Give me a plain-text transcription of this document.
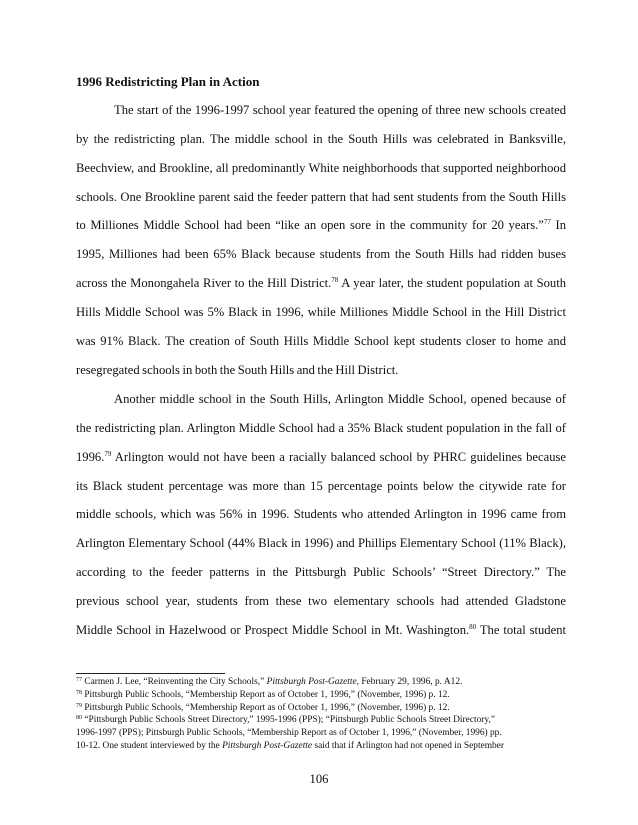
1996 Redistricting Plan in Action
The start of the 1996-1997 school year featured the opening of three new schools created
by the redistricting plan. The middle school in the South Hills was celebrated in Banksville,
Beechview, and Brookline, all predominantly White neighborhoods that supported neighborhood
schools. One Brookline parent said the feeder pattern that had sent students from the South Hills
to Milliones Middle School had been “like an open sore in the community for 20 years.”$^{77}$ In
1995, Milliones had been 65% Black because students from the South Hills had ridden buses
across the Monongahela River to the Hill District.$^{78}$ A year later, the student population at South
Hills Middle School was 5% Black in 1996, while Milliones Middle School in the Hill District
was 91% Black. The creation of South Hills Middle School kept students closer to home and
resegregated schools in both the South Hills and the Hill District.
Another middle school in the South Hills, Arlington Middle School, opened because of
the redistricting plan. Arlington Middle School had a 35% Black student population in the fall of
1996.79 Arlington would not have been a racially balanced school by PHRC guidelines because
its Black student percentage was more than 15 percentage points below the citywide rate for
middle schools, which was 56% in 1996. Students who attended Arlington in 1996 came from
Arlington Elementary School (44% Black in 1996) and Phillips Elementary School (11% Black),
according to the feeder patterns in the Pittsburgh Public Schools’ “Street Directory.” The
previous school year, students from these two elementary schools had attended Gladstone
Middle School in Hazelwood or Prospect Middle School in Mt. Washington.$^{80}$ The total student
$^{77}$ Carmen J. Lee, “Reinventing the City Schools,” Pittsburgh Post-Gazette, February 29, 1996, p. A12.
$^{78}$ Pittsburgh Public Schools, “Membership Report as of October 1, 1996,” (November, 1996) p. 12.
$^{79}$ Pittsburgh Public Schools, “Membership Report as of October 1, 1996,” (November, 1996) p. 12.
$^{80}$ “Pittsburgh Public Schools Street Directory,” 1995-1996 (PPS); “Pittsburgh Public Schools Street Directory,”
1996-1997 (PPS); Pittsburgh Public Schools, “Membership Report as of October 1, 1996,” (November, 1996) pp.
10-12. One student interviewed by the Pittsburgh Post-Gazette said that if Arlington had not opened in September
106
